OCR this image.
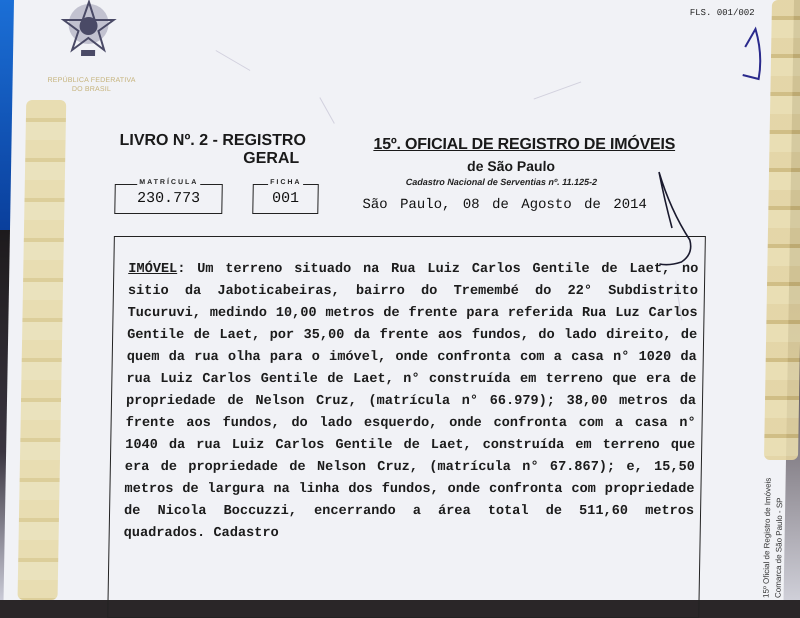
REPÚBLICA FEDERATIVA
DO BRASIL
FLS. 001/002
LIVRO Nº. 2 - REGISTRO
GERAL
MATRÍCULA
230.773
FICHA
001
15º. OFICIAL DE REGISTRO DE IMÓVEIS
de São Paulo
Cadastro Nacional de Serventias nº. 11.125-2
São Paulo, 08 de Agosto de 2014
IMÓVEL: Um terreno situado na Rua Luiz Carlos Gentile de Laet, no sitio da Jaboticabeiras, bairro do Tremembé do 22° Subdistrito Tucuruvi, medindo 10,00 metros de frente para referida Rua Luz Carlos Gentile de Laet, por 35,00 da frente aos fundos, do lado direito, de quem da rua olha para o imóvel, onde confronta com a casa n° 1020 da rua Luiz Carlos Gentile de Laet, n° construída em terreno que era de propriedade de Nelson Cruz, (matrícula n° 66.979); 38,00 metros da frente aos fundos, do lado esquerdo, onde confronta com a casa n° 1040 da rua Luiz Carlos Gentile de Laet, construída em terreno que era de propriedade de Nelson Cruz, (matrícula n° 67.867); e, 15,50 metros de largura na linha dos fundos, onde confronta com propriedade de Nicola Boccuzzi, encerrando a área total de 511,60 metros quadrados. Cadastro	15º Oficial de Registro de Imóveis Comarca de São Paulo - SP
